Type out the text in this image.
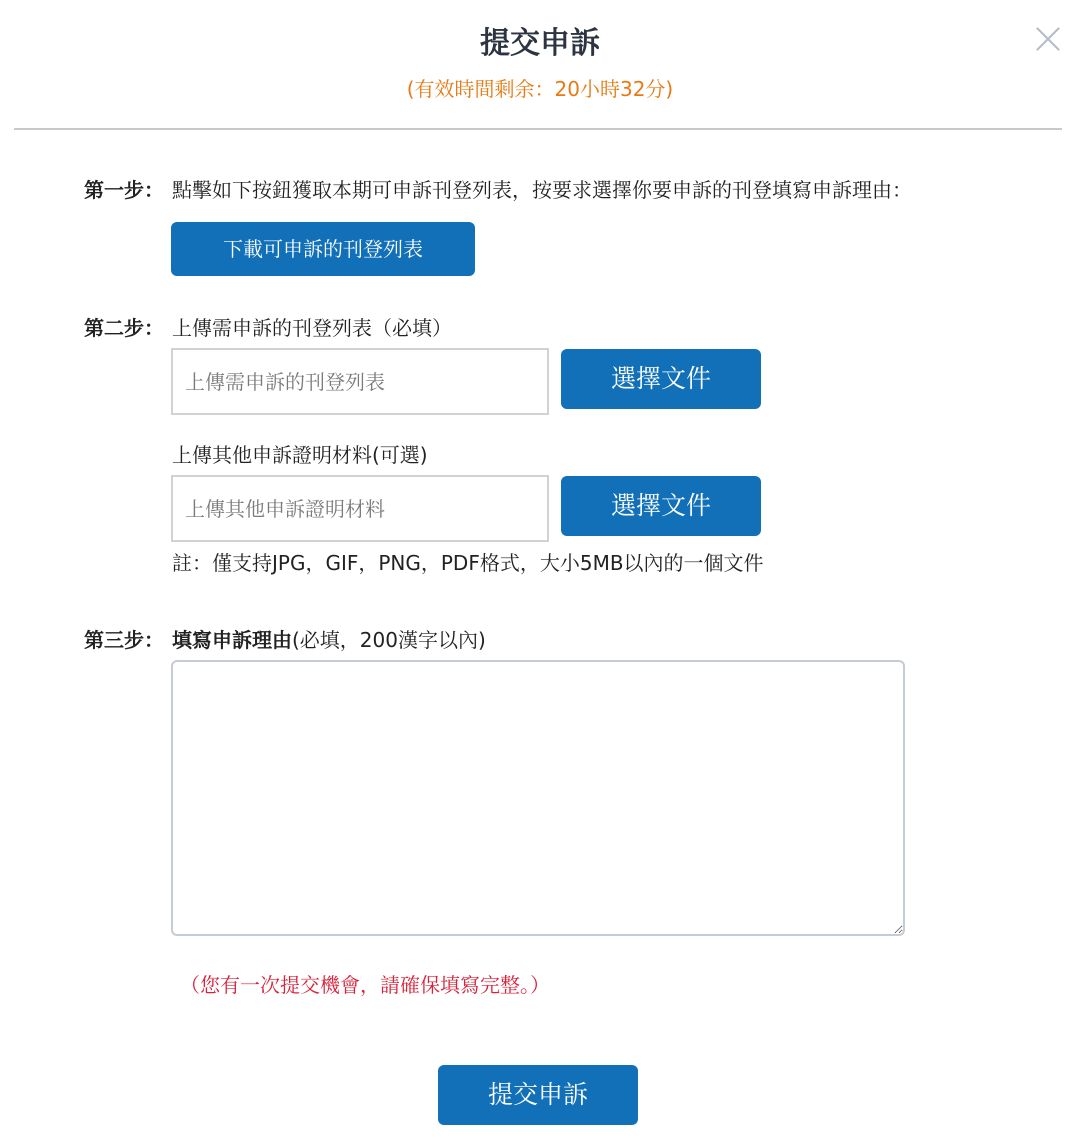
提交申訴
(有效時間剩余：20小時32分)
第一步： 點擊如下按鈕獲取本期可申訴刊登列表，按要求選擇你要申訴的刊登填寫申訴理由：
下載可申訴的刊登列表
第二步： 上傳需申訴的刊登列表（必填）
上傳需申訴的刊登列表
選擇文件
上傳其他申訴證明材料(可選)
上傳其他申訴證明材料
選擇文件
註：僅支持JPG，GIF，PNG，PDF格式，大小5MB以內的一個文件
第三步： 填寫申訴理由(必填，200漢字以內)
（您有一次提交機會，請確保填寫完整。）
提交申訴
